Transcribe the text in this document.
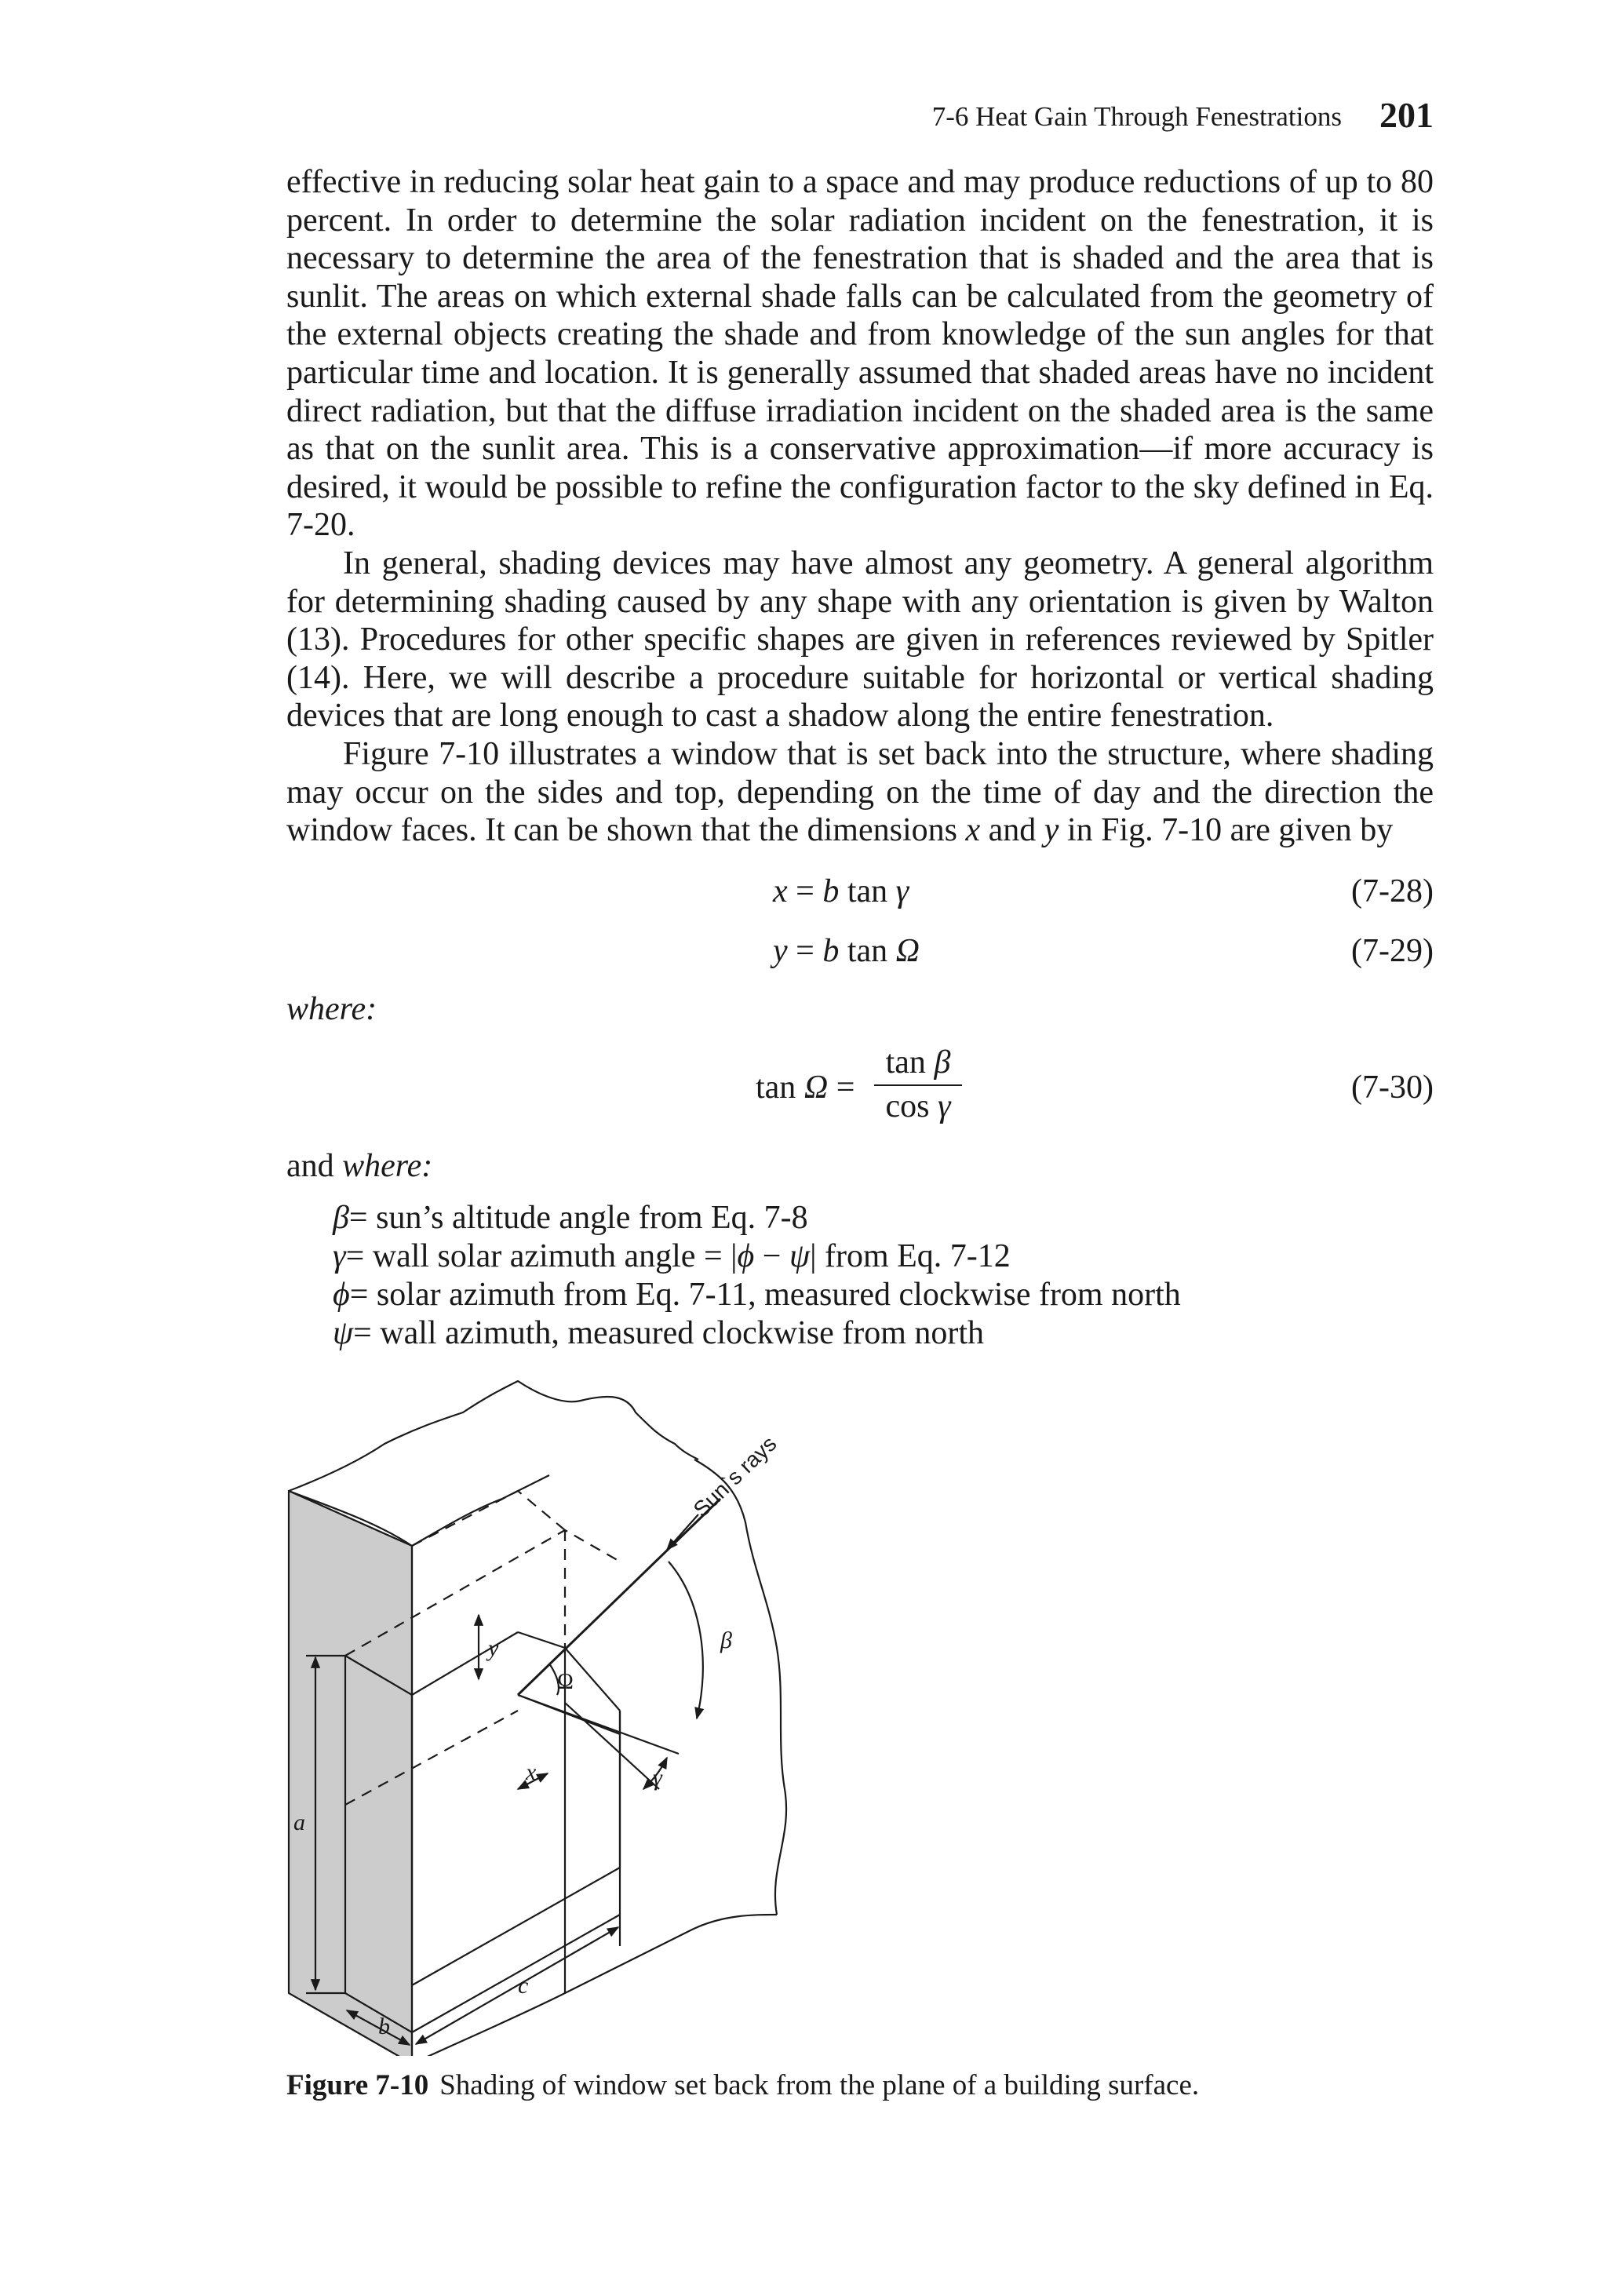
7-6 Heat Gain Through Fenestrations 201

effective in reducing solar heat gain to a space and may produce reductions of up to 80 percent. In order to determine the solar radiation incident on the fenestration, it is necessary to determine the area of the fenestration that is shaded and the area that is sunlit. The areas on which external shade falls can be calculated from the geometry of the external objects creating the shade and from knowledge of the sun angles for that particular time and location. It is generally assumed that shaded areas have no incident direct radiation, but that the diffuse irradiation incident on the shaded area is the same as that on the sunlit area. This is a conservative approximation—if more accuracy is desired, it would be possible to refine the configuration factor to the sky defined in Eq. 7-20.

In general, shading devices may have almost any geometry. A general algorithm for determining shading caused by any shape with any orientation is given by Walton (13). Procedures for other specific shapes are given in references reviewed by Spitler (14). Here, we will describe a procedure suitable for horizontal or vertical shading devices that are long enough to cast a shadow along the entire fenestration.

Figure 7-10 illustrates a window that is set back into the structure, where shading may occur on the sides and top, depending on the time of day and the direction the window faces. It can be shown that the dimensions x and y in Fig. 7-10 are given by

x = b tan γ	(7-28)
y = b tan Ω	(7-29)
where:
tan Ω =
tan β
cos γ
(7-30)
and where:
β= sun’s altitude angle from Eq. 7-8
γ= wall solar azimuth angle = |ϕ − ψ| from Eq. 7-12
ϕ= solar azimuth from Eq. 7-11, measured clockwise from north
ψ= wall azimuth, measured clockwise from north
y
x
a
b
c
β
γ
Ω
Sun`s rays
Figure 7-10 Shading of window set back from the plane of a building surface.
